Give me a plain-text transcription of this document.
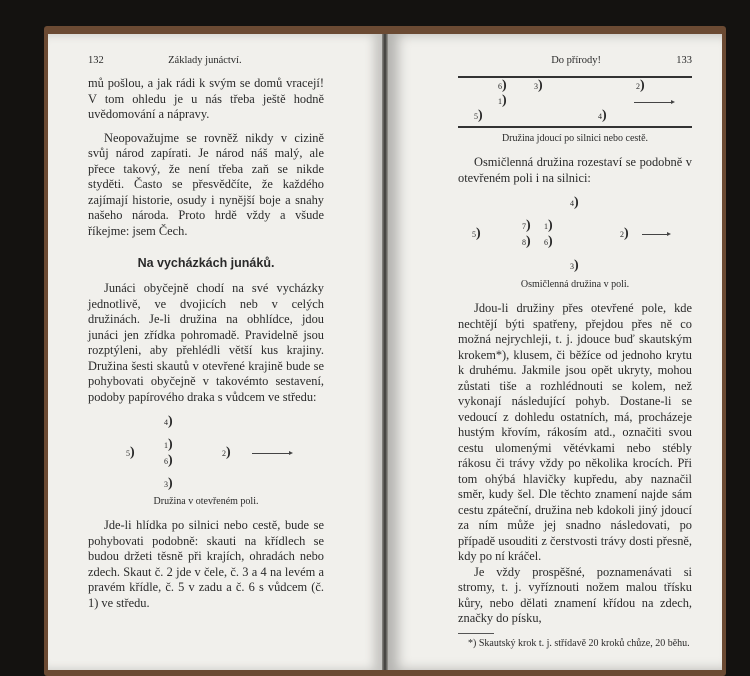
132	Základy junáctví.

mů pošlou, a jak rádi k svým se domů vracejí! V tom ohledu je u nás třeba ještě hodně uvědomování a nápravy.

Neopovažujme se rovněž nikdy v cizině svůj národ zapírati. Je národ náš malý, ale přece takový, že není třeba zaň se nikde styděti. Často se přesvědčíte, že každého zajímají historie, osudy i nynější boje a snahy našeho národa. Proto hrdě vždy a všude říkejme: jsem Čech.

Na vycházkách junáků.

Junáci obyčejně chodí na své vycházky jednotlivě, ve dvojicích neb v celých družinách. Je-li družina na obhlídce, jdou junáci jen zřídka pohromadě. Pravidelně jsou rozptýleni, aby přehlédli větší kus krajiny. Družina šesti skautů v otevřené krajině bude se pohybovati obyčejně v takovémto sestavení, podoby papírového draka s vůdcem ve středu:

4)
5)	1)
6)	2)
3)
Družina v otevřeném poli.

Jde-li hlídka po silnici nebo cestě, bude se pohybovati podobně: skauti na křídlech se budou držeti těsně při krajích, ohradách nebo zdech. Skaut č. 2 jde v čele, č. 3 a 4 na levém a pravém křídle, č. 5 v zadu a č. 6 s vůdcem (č. 1) ve středu.

Do přírody!	133
6)
1)
5)
3)	2)
4)
Družina jdoucí po silnici nebo cestě.

Osmičlenná družina rozestaví se podobně v otevřeném poli i na silnici:

4)
5)	7)
8)
1)
6)	2)
3)
Osmičlenná družina v poli.

Jdou-li družiny přes otevřené pole, kde nechtějí býti spatřeny, přejdou přes ně co možná nejrychleji, t. j. jdouce buď skautským krokem*), klusem, či běžíce od jednoho krytu k druhému. Jakmile jsou opět ukryty, mohou zůstati tiše a rozhlédnouti se kolem, než vykonají následující pohyb. Dostane-li se vedoucí z dohledu ostatních, má, procházeje hustým křovím, rákosím atd., označiti svou cestu ulomenými větévkami nebo stébly rákosu či trávy vždy po několika krocích. Při tom ohýbá hlavičky kupředu, aby naznačil směr, kudy šel. Dle těchto znamení najde sám cestu zpáteční, družina neb kdokoli jiný jdoucí za ním může jej snadno následovati, po případě usouditi z čerstvosti trávy dosti přesně, kdy po ní kráčel.

Je vždy prospěšné, poznamenávati si stromy, t. j. vyříznouti nožem malou třísku kůry, nebo dělati znamení křídou na zdech, značky do písku,

*) Skautský krok t. j. střídavě 20 kroků chůze, 20 běhu.
